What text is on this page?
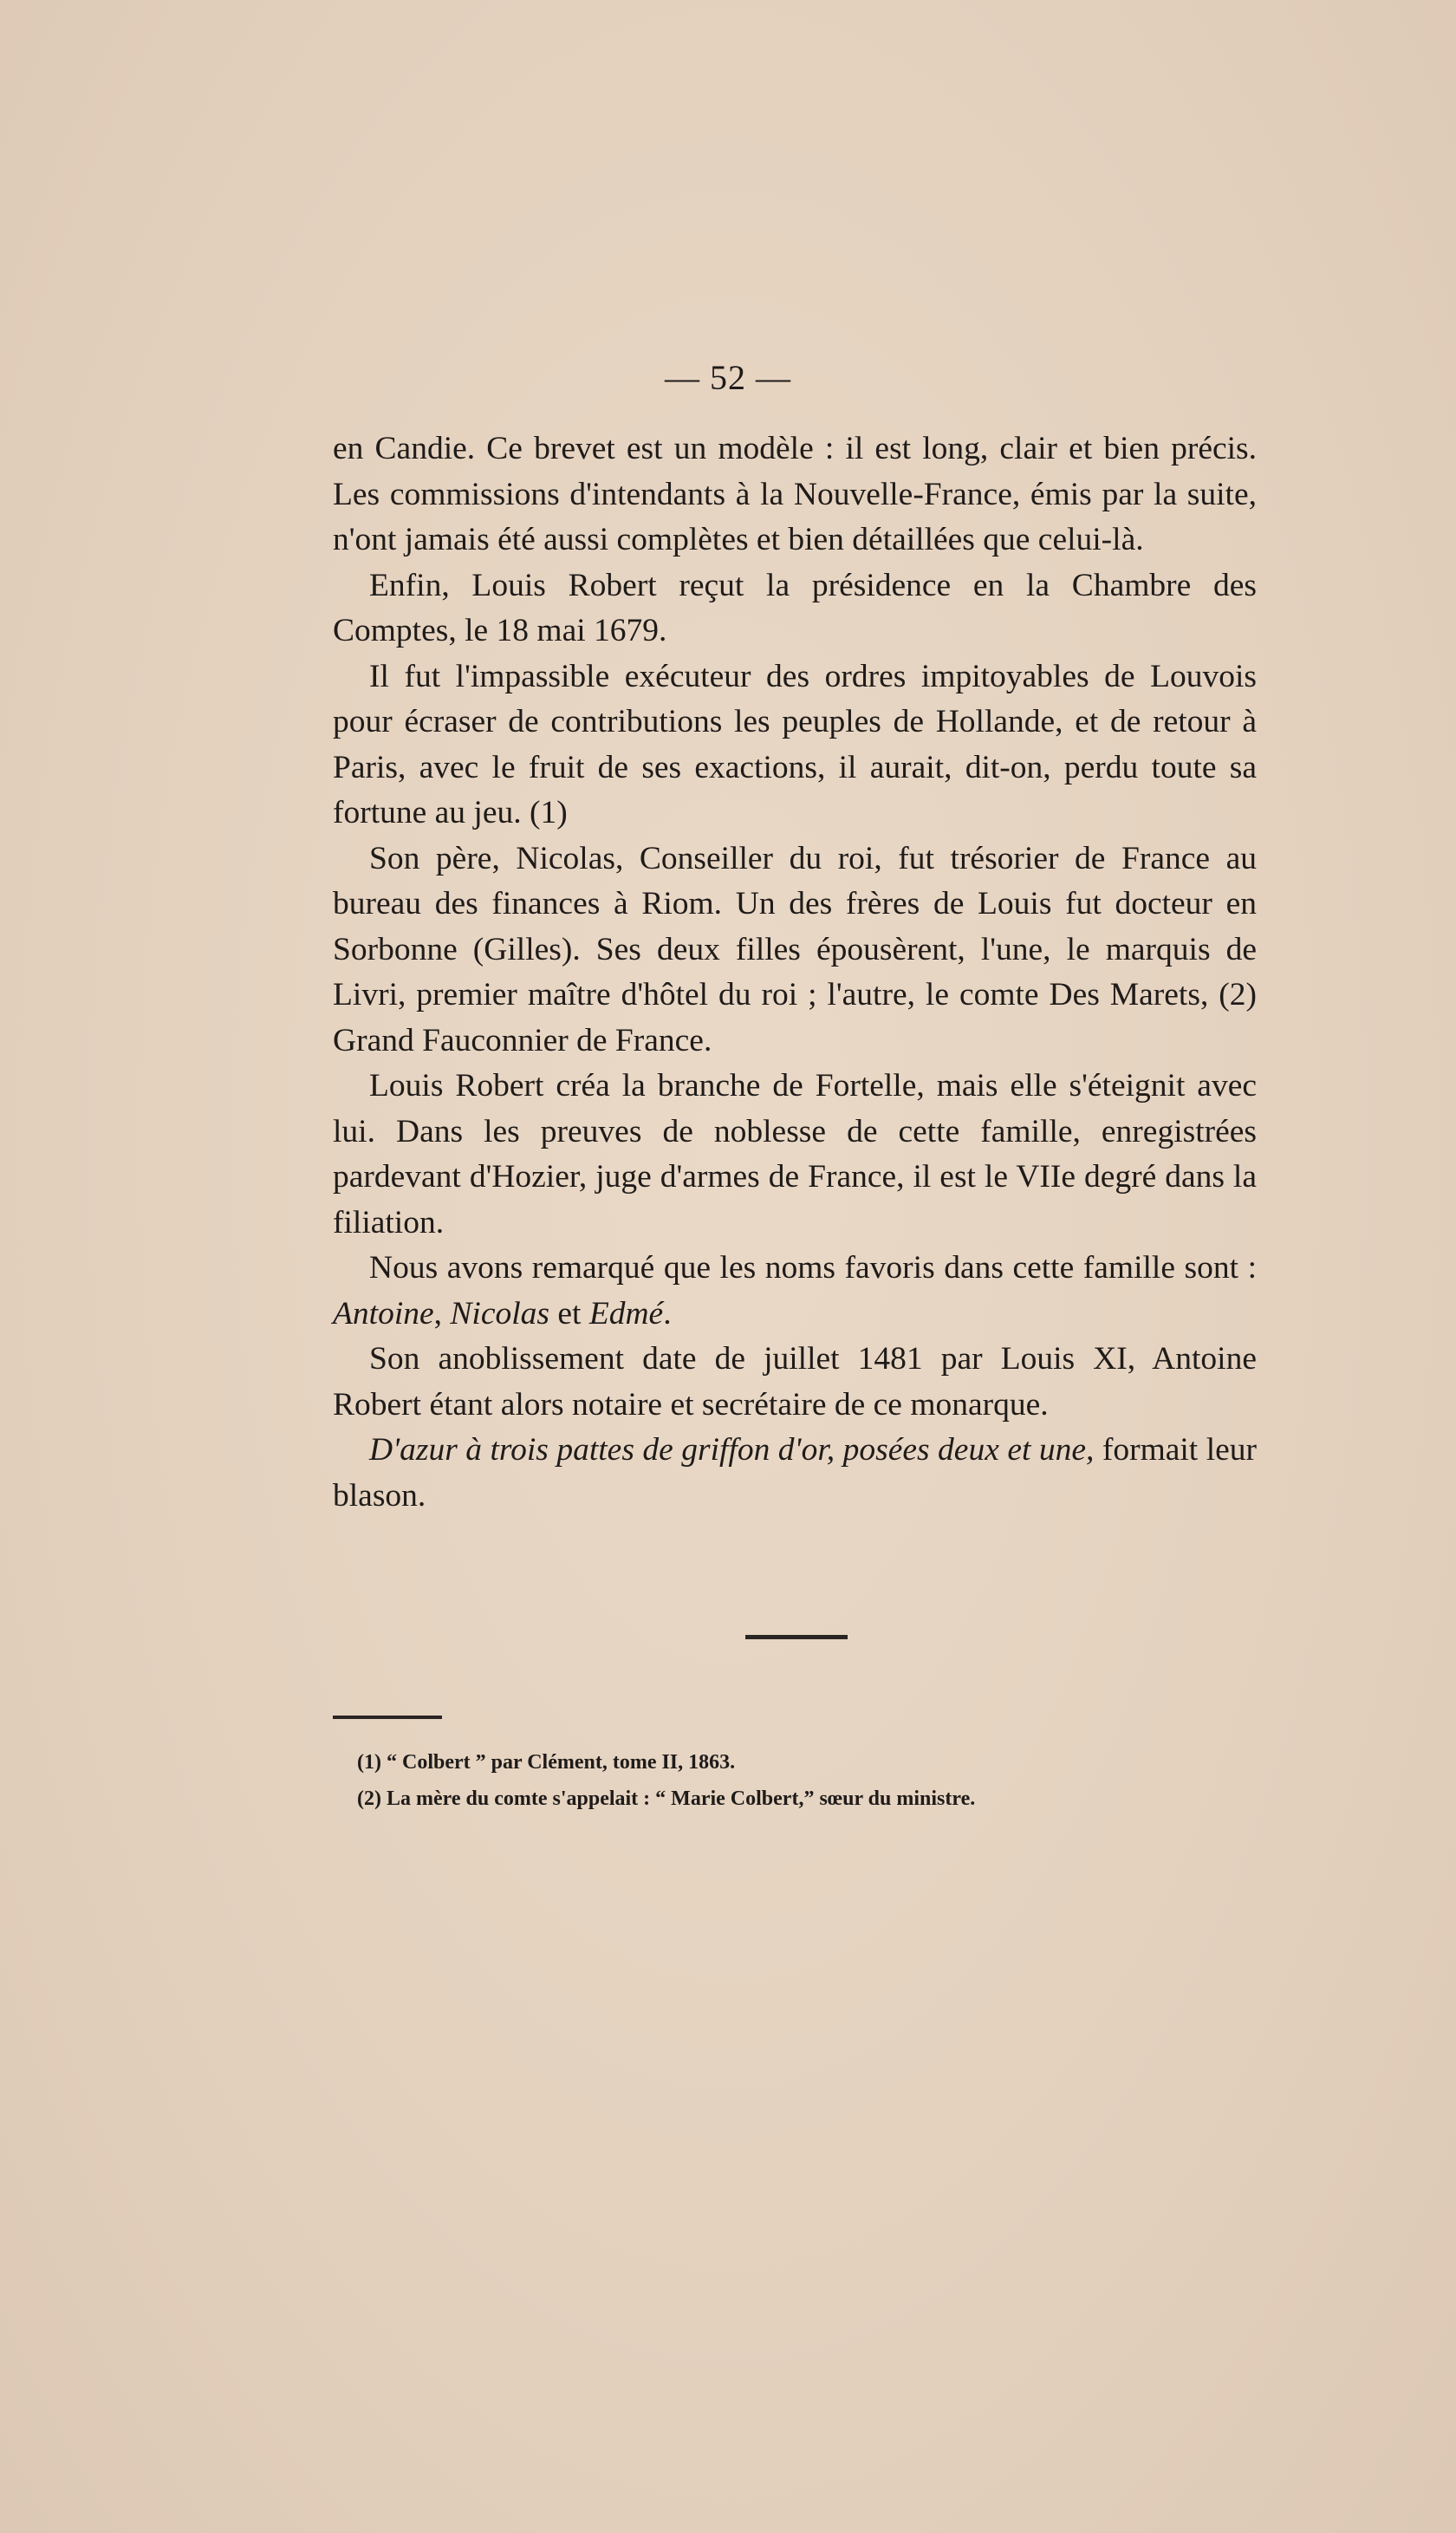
— 52 —

en Candie. Ce brevet est un modèle : il est long, clair et bien précis. Les commissions d'intendants à la Nouvelle-France, émis par la suite, n'ont jamais été aussi complètes et bien détaillées que celui-là.

Enfin, Louis Robert reçut la présidence en la Chambre des Comptes, le 18 mai 1679.

Il fut l'impassible exécuteur des ordres impitoyables de Louvois pour écraser de contributions les peuples de Hollande, et de retour à Paris, avec le fruit de ses exactions, il aurait, dit-on, perdu toute sa fortune au jeu. (1)

Son père, Nicolas, Conseiller du roi, fut trésorier de France au bureau des finances à Riom. Un des frères de Louis fut docteur en Sorbonne (Gilles). Ses deux filles épousèrent, l'une, le marquis de Livri, premier maître d'hôtel du roi ; l'autre, le comte Des Marets, (2) Grand Fauconnier de France.

Louis Robert créa la branche de Fortelle, mais elle s'éteignit avec lui. Dans les preuves de noblesse de cette famille, enregistrées pardevant d'Hozier, juge d'armes de France, il est le VIIe degré dans la filiation.

Nous avons remarqué que les noms favoris dans cette famille sont : Antoine, Nicolas et Edmé.

Son anoblissement date de juillet 1481 par Louis XI, Antoine Robert étant alors notaire et secrétaire de ce monarque.

D'azur à trois pattes de griffon d'or, posées deux et une, formait leur blason.

(1) “ Colbert ” par Clément, tome II, 1863.

(2) La mère du comte s'appelait : “ Marie Colbert,” sœur du ministre.
